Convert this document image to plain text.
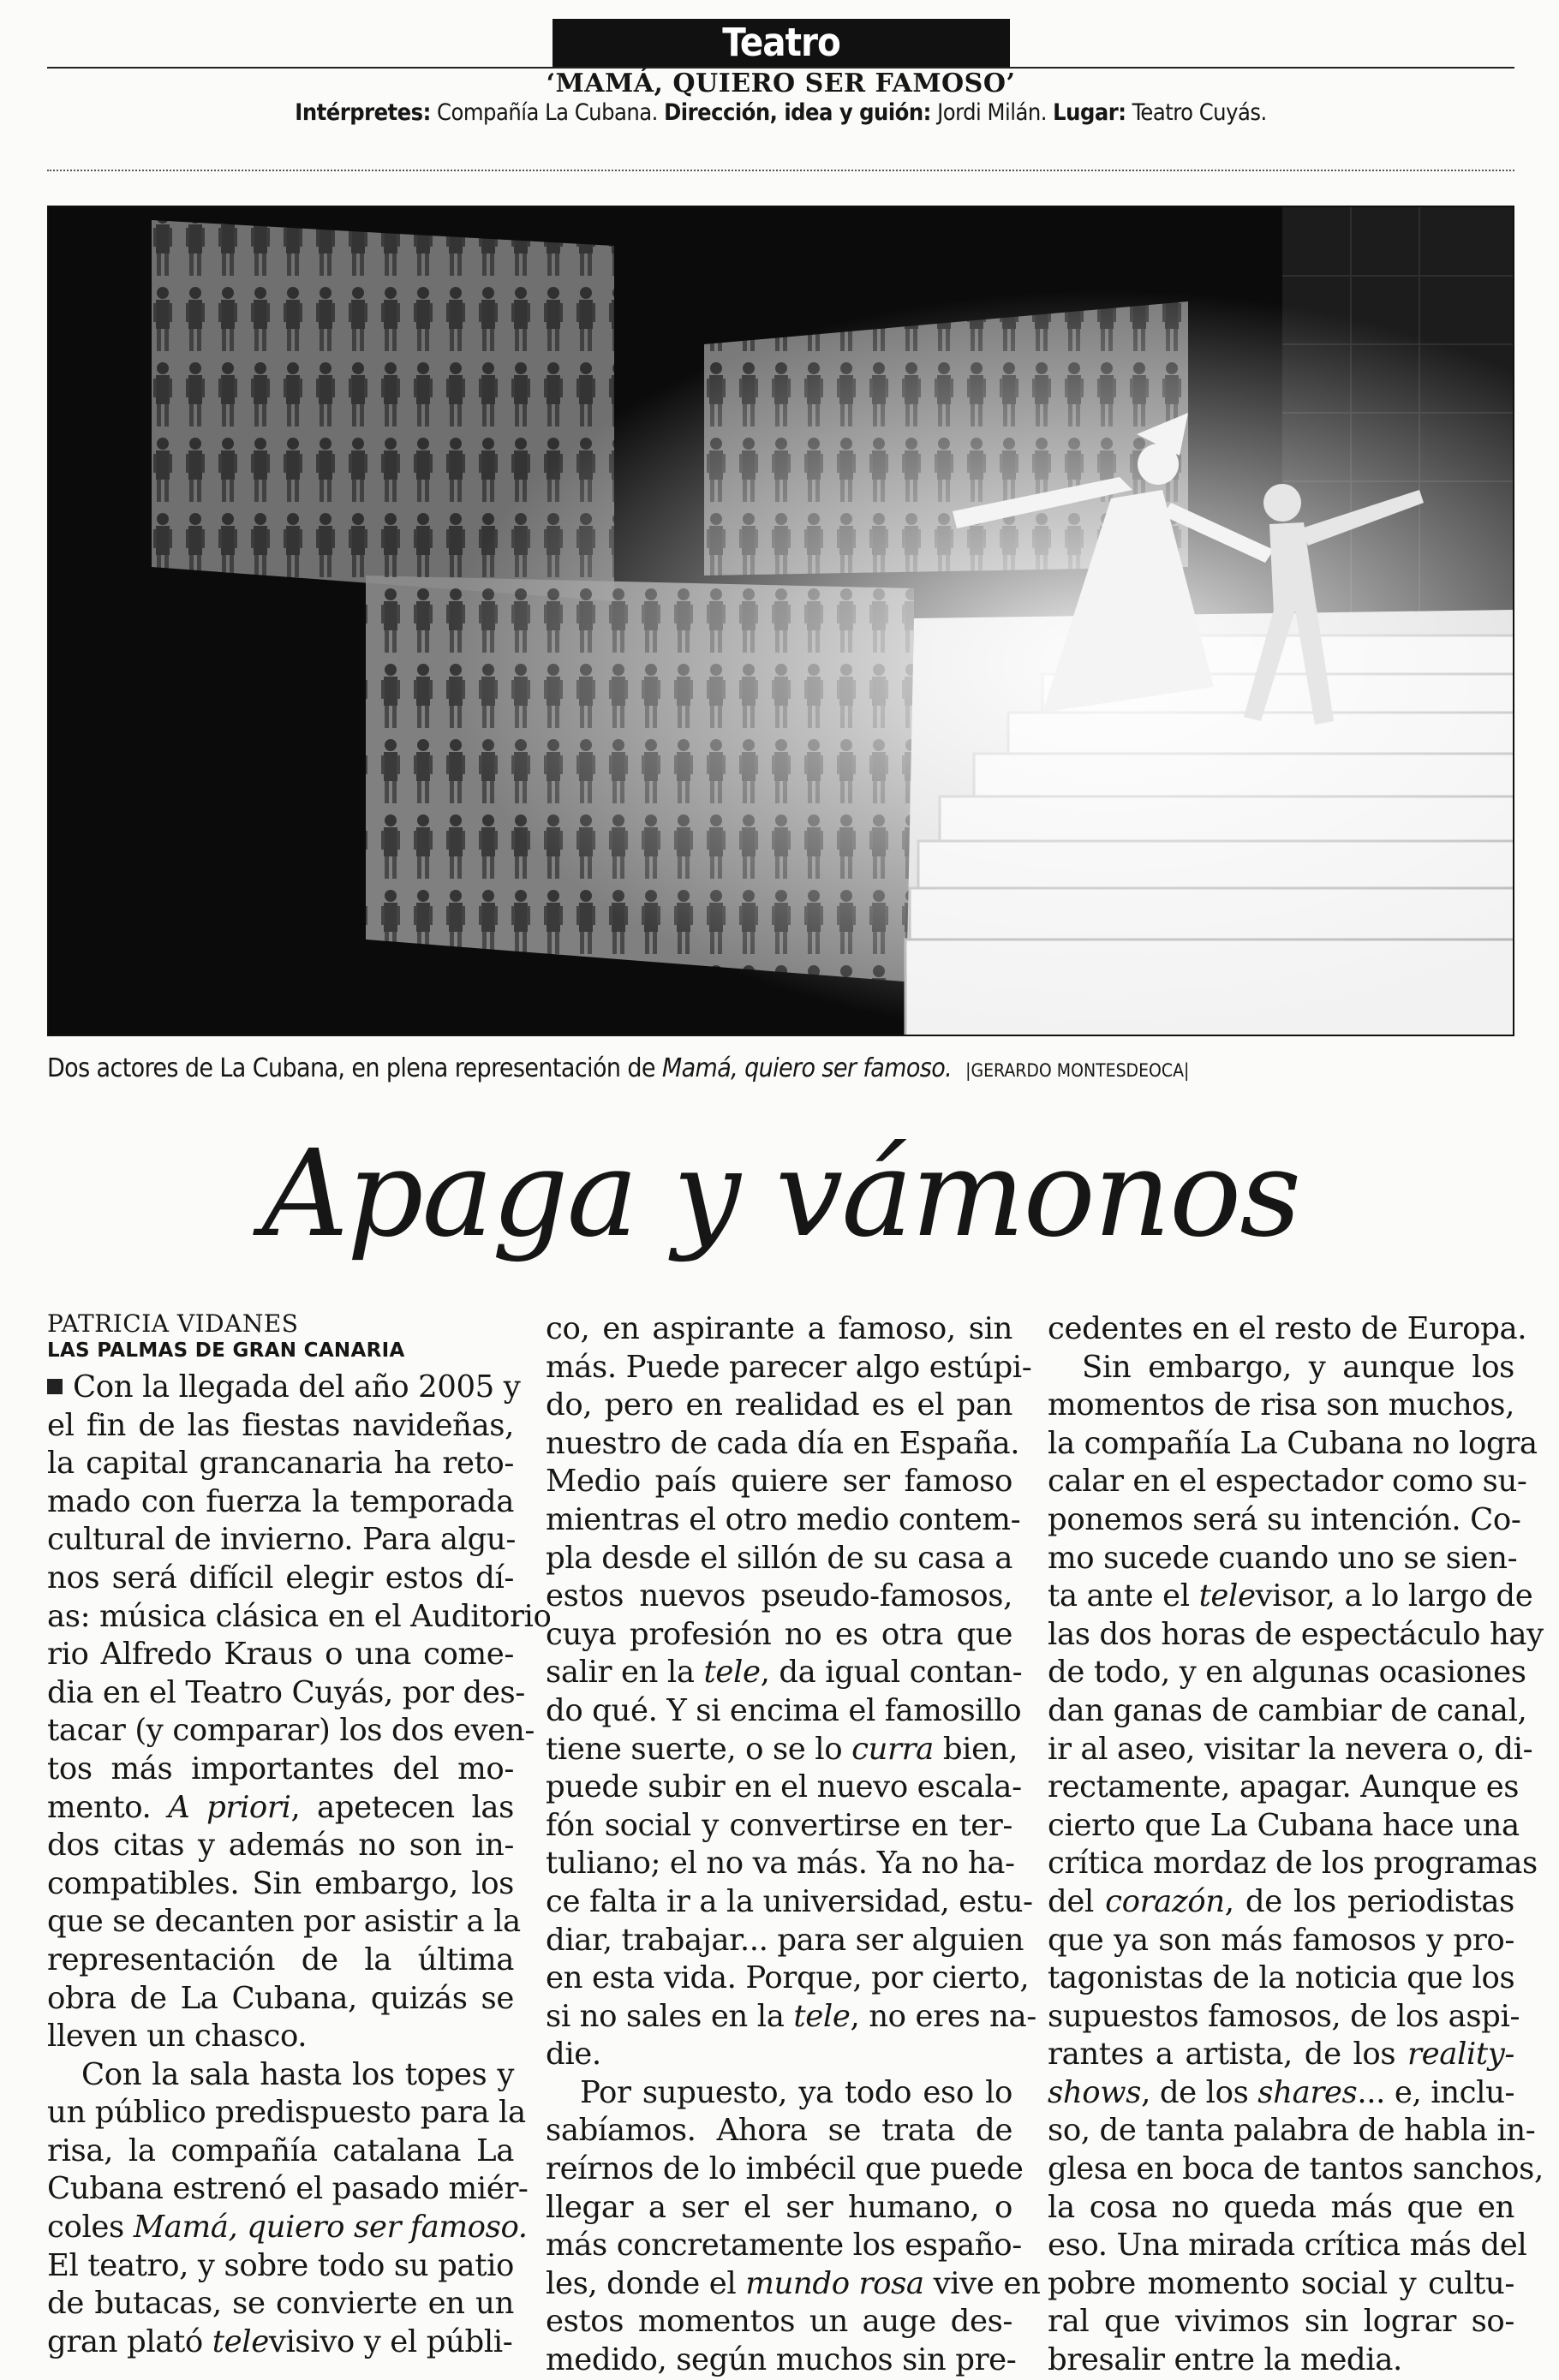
Teatro
‘MAMÁ, QUIERO SER FAMOSO’
Intérpretes: Compañía La Cubana. Dirección, idea y guión: Jordi Milán. Lugar: Teatro Cuyás.
Dos actores de La Cubana, en plena representación de Mamá, quiero ser famoso. |GERARDO MONTESDEOCA|
Apaga y vámonos
PATRICIA VIDANES
LAS PALMAS DE GRAN CANARIA
Con la llegada del año 2005 y
el fin de las fiestas navideñas,
la capital grancanaria ha reto-
mado con fuerza la temporada
cultural de invierno. Para algu-
nos será difícil elegir estos dí-
as: música clásica en el Auditorio
rio Alfredo Kraus o una come-
dia en el Teatro Cuyás, por des-
tacar (y comparar) los dos even-
tos más importantes del mo-
mento. A priori, apetecen las
dos citas y además no son in-
compatibles. Sin embargo, los
que se decanten por asistir a la
representación de la última
obra de La Cubana, quizás se
lleven un chasco.
Con la sala hasta los topes y
un público predispuesto para la
risa, la compañía catalana La
Cubana estrenó el pasado miér-
coles Mamá, quiero ser famoso.
El teatro, y sobre todo su patio
de butacas, se convierte en un
gran plató televisivo y el públi-
co, en aspirante a famoso, sin
más. Puede parecer algo estúpi-
do, pero en realidad es el pan
nuestro de cada día en España.
Medio país quiere ser famoso
mientras el otro medio contem-
pla desde el sillón de su casa a
estos nuevos pseudo-famosos,
cuya profesión no es otra que
salir en la tele, da igual contan-
do qué. Y si encima el famosillo
tiene suerte, o se lo curra bien,
puede subir en el nuevo escala-
fón social y convertirse en ter-
tuliano; el no va más. Ya no ha-
ce falta ir a la universidad, estu-
diar, trabajar... para ser alguien
en esta vida. Porque, por cierto,
si no sales en la tele, no eres na-
die.
Por supuesto, ya todo eso lo
sabíamos. Ahora se trata de
reírnos de lo imbécil que puede
llegar a ser el ser humano, o
más concretamente los españo-
les, donde el mundo rosa vive en
estos momentos un auge des-
medido, según muchos sin pre-
cedentes en el resto de Europa.
Sin embargo, y aunque los
momentos de risa son muchos,
la compañía La Cubana no logra
calar en el espectador como su-
ponemos será su intención. Co-
mo sucede cuando uno se sien-
ta ante el televisor, a lo largo de
las dos horas de espectáculo hay
de todo, y en algunas ocasiones
dan ganas de cambiar de canal,
ir al aseo, visitar la nevera o, di-
rectamente, apagar. Aunque es
cierto que La Cubana hace una
crítica mordaz de los programas
del corazón, de los periodistas
que ya son más famosos y pro-
tagonistas de la noticia que los
supuestos famosos, de los aspi-
rantes a artista, de los reality-
shows, de los shares... e, inclu-
so, de tanta palabra de habla in-
glesa en boca de tantos sanchos,
la cosa no queda más que en
eso. Una mirada crítica más del
pobre momento social y cultu-
ral que vivimos sin lograr so-
bresalir entre la media.
